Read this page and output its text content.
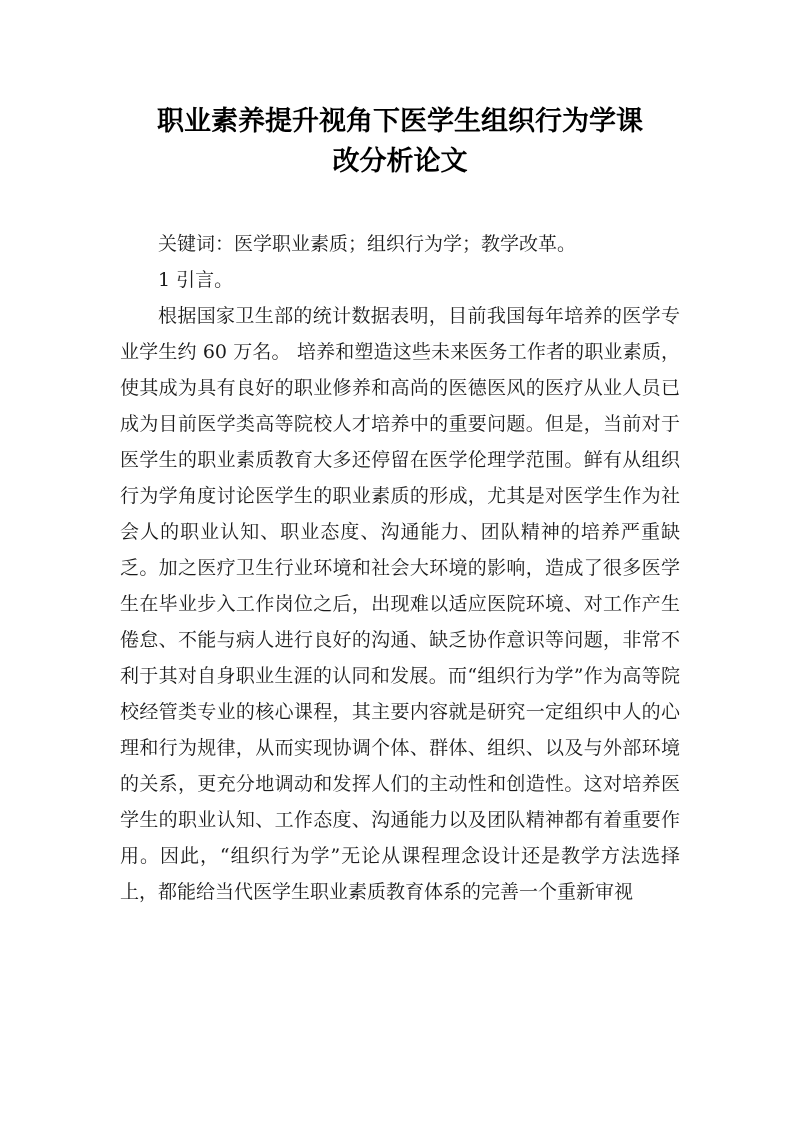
职业素养提升视角下医学生组织行为学课
改分析论文

关键词：医学职业素质；组织行为学；教学改革。

1 引言。

根据国家卫生部的统计数据表明，目前我国每年培养的医学专业学生约 60 万名。 培养和塑造这些未来医务工作者的职业素质，使其成为具有良好的职业修养和高尚的医德医风的医疗从业人员已成为目前医学类高等院校人才培养中的重要问题。但是，当前对于医学生的职业素质教育大多还停留在医学伦理学范围。鲜有从组织行为学角度讨论医学生的职业素质的形成，尤其是对医学生作为社会人的职业认知、职业态度、沟通能力、团队精神的培养严重缺乏。加之医疗卫生行业环境和社会大环境的影响，造成了很多医学生在毕业步入工作岗位之后，出现难以适应医院环境、对工作产生倦怠、不能与病人进行良好的沟通、缺乏协作意识等问题，非常不利于其对自身职业生涯的认同和发展。而“组织行为学”作为高等院校经管类专业的核心课程，其主要内容就是研究一定组织中人的心理和行为规律，从而实现协调个体、群体、组织、以及与外部环境的关系，更充分地调动和发挥人们的主动性和创造性。这对培养医学生的职业认知、工作态度、沟通能力以及团队精神都有着重要作用。因此，“组织行为学”无论从课程理念设计还是教学方法选择上，都能给当代医学生职业素质教育体系的完善一个重新审视
